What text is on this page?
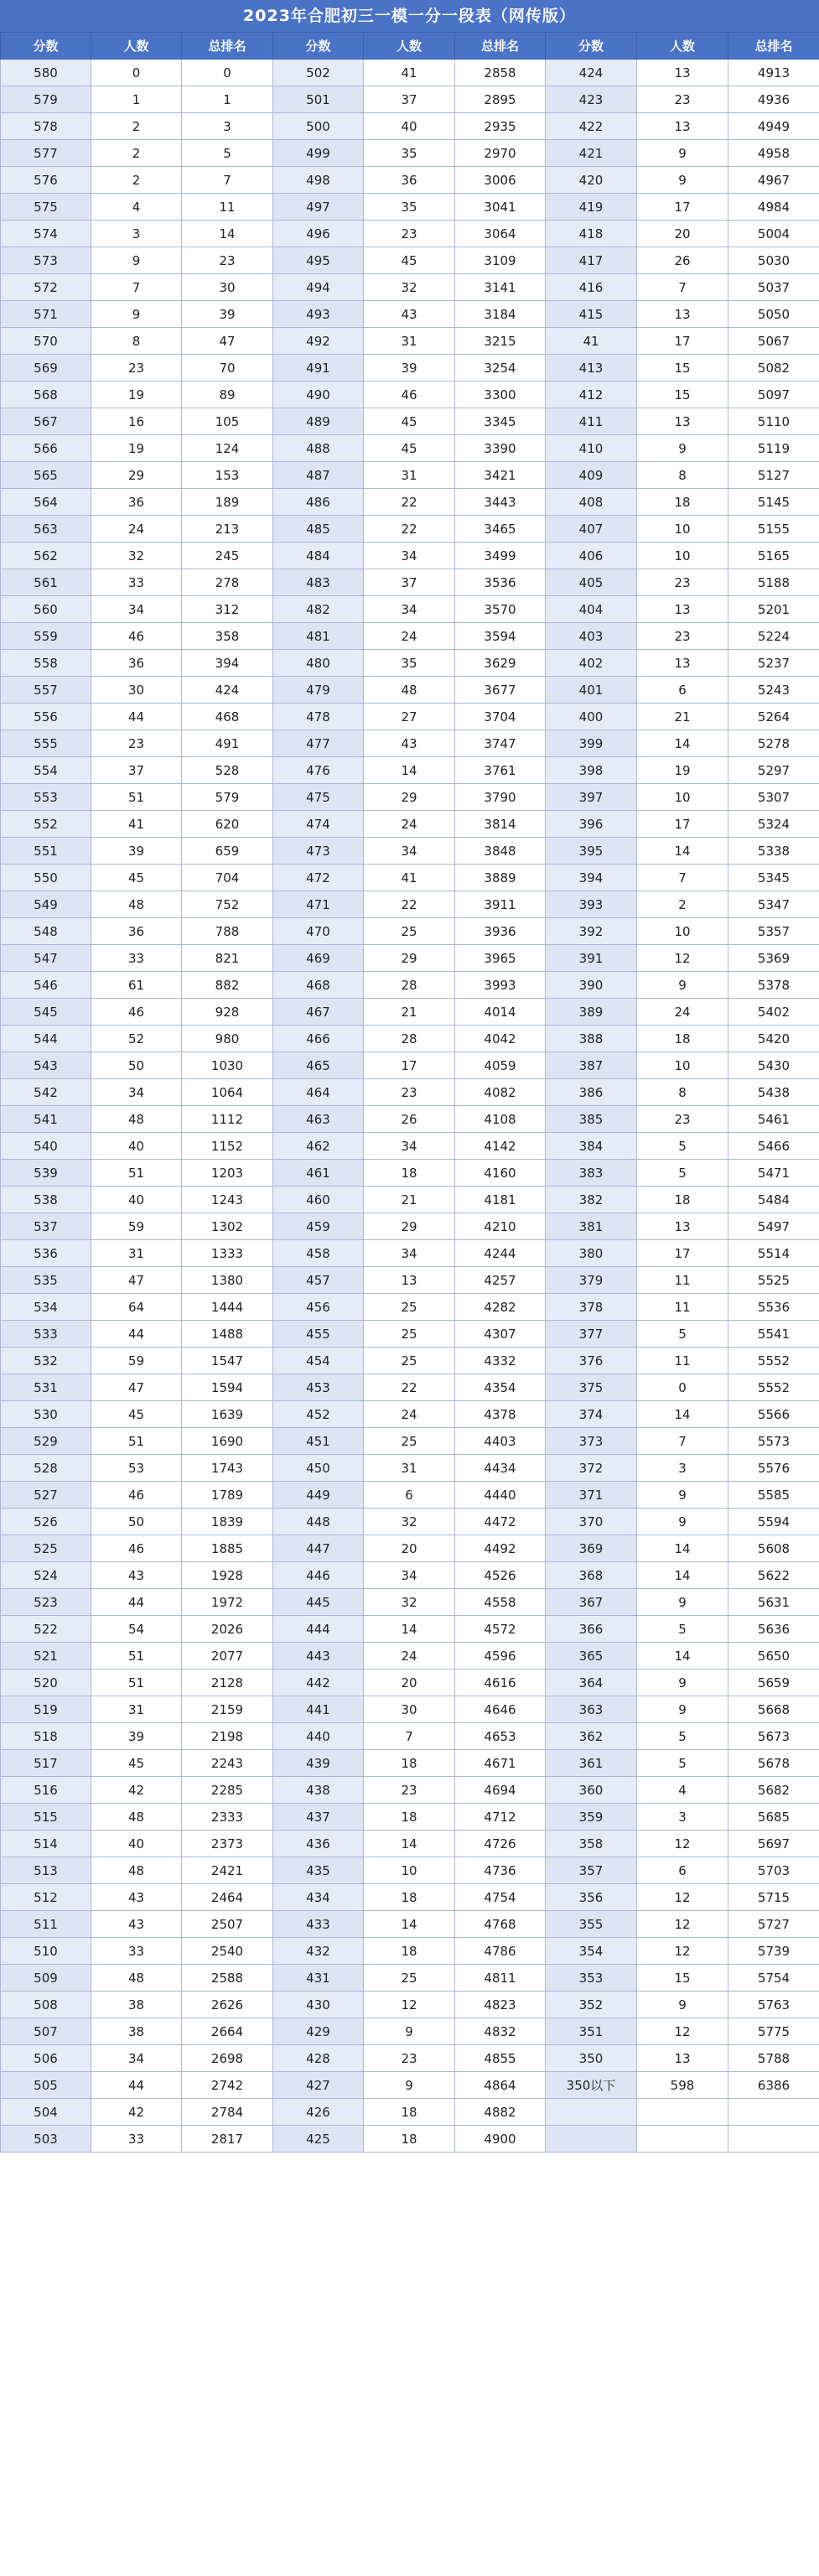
2023年合肥初三一模一分一段表（网传版）
分数	人数	总排名	分数	人数	总排名	分数	人数	总排名
580	0	0	502	41	2858	424	13	4913
579	1	1	501	37	2895	423	23	4936
578	2	3	500	40	2935	422	13	4949
577	2	5	499	35	2970	421	9	4958
576	2	7	498	36	3006	420	9	4967
575	4	11	497	35	3041	419	17	4984
574	3	14	496	23	3064	418	20	5004
573	9	23	495	45	3109	417	26	5030
572	7	30	494	32	3141	416	7	5037
571	9	39	493	43	3184	415	13	5050
570	8	47	492	31	3215	41	17	5067
569	23	70	491	39	3254	413	15	5082
568	19	89	490	46	3300	412	15	5097
567	16	105	489	45	3345	411	13	5110
566	19	124	488	45	3390	410	9	5119
565	29	153	487	31	3421	409	8	5127
564	36	189	486	22	3443	408	18	5145
563	24	213	485	22	3465	407	10	5155
562	32	245	484	34	3499	406	10	5165
561	33	278	483	37	3536	405	23	5188
560	34	312	482	34	3570	404	13	5201
559	46	358	481	24	3594	403	23	5224
558	36	394	480	35	3629	402	13	5237
557	30	424	479	48	3677	401	6	5243
556	44	468	478	27	3704	400	21	5264
555	23	491	477	43	3747	399	14	5278
554	37	528	476	14	3761	398	19	5297
553	51	579	475	29	3790	397	10	5307
552	41	620	474	24	3814	396	17	5324
551	39	659	473	34	3848	395	14	5338
550	45	704	472	41	3889	394	7	5345
549	48	752	471	22	3911	393	2	5347
548	36	788	470	25	3936	392	10	5357
547	33	821	469	29	3965	391	12	5369
546	61	882	468	28	3993	390	9	5378
545	46	928	467	21	4014	389	24	5402
544	52	980	466	28	4042	388	18	5420
543	50	1030	465	17	4059	387	10	5430
542	34	1064	464	23	4082	386	8	5438
541	48	1112	463	26	4108	385	23	5461
540	40	1152	462	34	4142	384	5	5466
539	51	1203	461	18	4160	383	5	5471
538	40	1243	460	21	4181	382	18	5484
537	59	1302	459	29	4210	381	13	5497
536	31	1333	458	34	4244	380	17	5514
535	47	1380	457	13	4257	379	11	5525
534	64	1444	456	25	4282	378	11	5536
533	44	1488	455	25	4307	377	5	5541
532	59	1547	454	25	4332	376	11	5552
531	47	1594	453	22	4354	375	0	5552
530	45	1639	452	24	4378	374	14	5566
529	51	1690	451	25	4403	373	7	5573
528	53	1743	450	31	4434	372	3	5576
527	46	1789	449	6	4440	371	9	5585
526	50	1839	448	32	4472	370	9	5594
525	46	1885	447	20	4492	369	14	5608
524	43	1928	446	34	4526	368	14	5622
523	44	1972	445	32	4558	367	9	5631
522	54	2026	444	14	4572	366	5	5636
521	51	2077	443	24	4596	365	14	5650
520	51	2128	442	20	4616	364	9	5659
519	31	2159	441	30	4646	363	9	5668
518	39	2198	440	7	4653	362	5	5673
517	45	2243	439	18	4671	361	5	5678
516	42	2285	438	23	4694	360	4	5682
515	48	2333	437	18	4712	359	3	5685
514	40	2373	436	14	4726	358	12	5697
513	48	2421	435	10	4736	357	6	5703
512	43	2464	434	18	4754	356	12	5715
511	43	2507	433	14	4768	355	12	5727
510	33	2540	432	18	4786	354	12	5739
509	48	2588	431	25	4811	353	15	5754
508	38	2626	430	12	4823	352	9	5763
507	38	2664	429	9	4832	351	12	5775
506	34	2698	428	23	4855	350	13	5788
505	44	2742	427	9	4864	350以下	598	6386
504	42	2784	426	18	4882			
503	33	2817	425	18	4900			
